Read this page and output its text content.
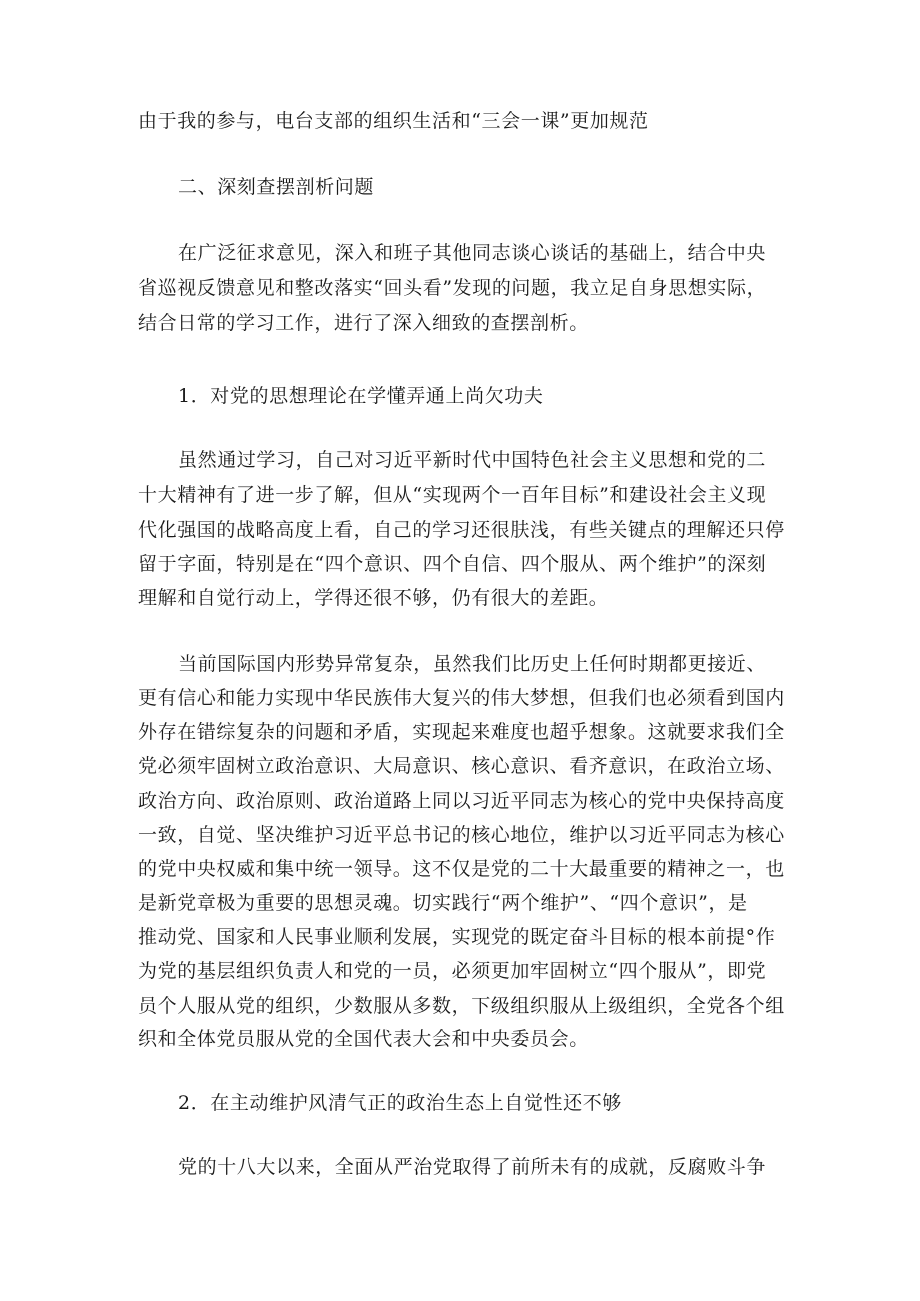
由于我的参与，电台支部的组织生活和“三会一课”更加规范
二、深刻查摆剖析问题
在广泛征求意见，深入和班子其他同志谈心谈话的基础上，结合中央
省巡视反馈意见和整改落实“回头看”发现的问题，我立足自身思想实际，
结合日常的学习工作，进行了深入细致的查摆剖析。
1．对党的思想理论在学懂弄通上尚欠功夫
虽然通过学习，自己对习近平新时代中国特色社会主义思想和党的二
十大精神有了进一步了解，但从“实现两个一百年目标”和建设社会主义现
代化强国的战略高度上看，自己的学习还很肤浅，有些关键点的理解还只停
留于字面，特别是在“四个意识、四个自信、四个服从、两个维护”的深刻
理解和自觉行动上，学得还很不够，仍有很大的差距。
当前国际国内形势异常复杂，虽然我们比历史上任何时期都更接近、
更有信心和能力实现中华民族伟大复兴的伟大梦想，但我们也必须看到国内
外存在错综复杂的问题和矛盾，实现起来难度也超乎想象。这就要求我们全
党必须牢固树立政治意识、大局意识、核心意识、看齐意识，在政治立场、
政治方向、政治原则、政治道路上同以习近平同志为核心的党中央保持高度
一致，自觉、坚决维护习近平总书记的核心地位，维护以习近平同志为核心
的党中央权威和集中统一领导。这不仅是党的二十大最重要的精神之一，也
是新党章极为重要的思想灵魂。切实践行“两个维护”、“四个意识”，是
推动党、国家和人民事业顺利发展，实现党的既定奋斗目标的根本前提°作
为党的基层组织负责人和党的一员，必须更加牢固树立“四个服从”，即党
员个人服从党的组织，少数服从多数，下级组织服从上级组织，全党各个组
织和全体党员服从党的全国代表大会和中央委员会。
2．在主动维护风清气正的政治生态上自觉性还不够
党的十八大以来，全面从严治党取得了前所未有的成就，反腐败斗争
